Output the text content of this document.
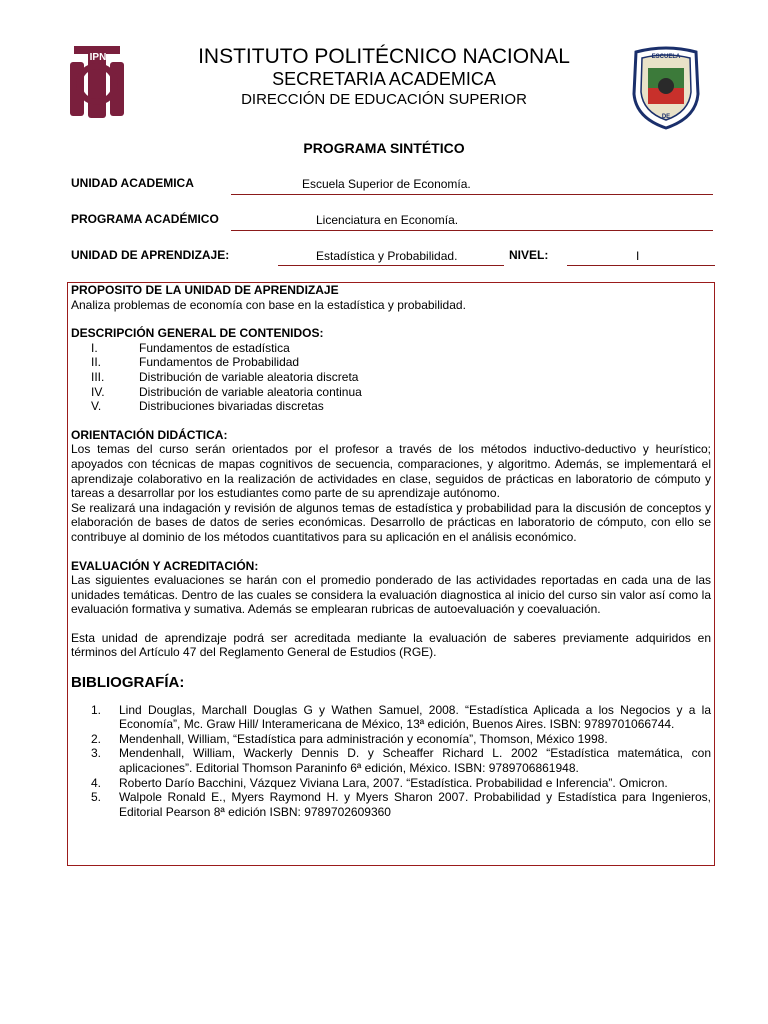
IPN	ESCUELA
DE
INSTITUTO POLITÉCNICO NACIONAL
SECRETARIA ACADEMICA
DIRECCIÓN DE EDUCACIÓN SUPERIOR
PROGRAMA SINTÉTICO
UNIDAD ACADEMICA	Escuela Superior de Economía.
PROGRAMA ACADÉMICO	Licenciatura en Economía.
UNIDAD DE APRENDIZAJE:	Estadística y Probabilidad.	NIVEL:	I
PROPOSITO DE LA UNIDAD DE APRENDIZAJE
Analiza problemas de economía con base en la estadística y probabilidad.
DESCRIPCIÓN GENERAL DE CONTENIDOS:
I.	Fundamentos de estadística
II.	Fundamentos de Probabilidad
III.	Distribución de variable aleatoria discreta
IV.	Distribución de variable aleatoria continua
V.	Distribuciones bivariadas discretas
ORIENTACIÓN DIDÁCTICA:

Los temas del curso serán orientados por el profesor a través de los métodos inductivo-deductivo y heurístico; apoyados con técnicas de mapas cognitivos de secuencia, comparaciones, y algoritmo. Además, se implementará el aprendizaje colaborativo en la realización de actividades en clase, seguidos de prácticas en laboratorio de cómputo y tareas a desarrollar por los estudiantes como parte de su aprendizaje autónomo.

Se realizará una indagación y revisión de algunos temas de estadística y probabilidad para la discusión de conceptos y elaboración de bases de datos de series económicas. Desarrollo de prácticas en laboratorio de cómputo, con ello se contribuye al dominio de los métodos cuantitativos para su aplicación en el análisis económico.

EVALUACIÓN Y ACREDITACIÓN:

Las siguientes evaluaciones se harán con el promedio ponderado de las actividades reportadas en cada una de las unidades temáticas. Dentro de las cuales se considera la evaluación diagnostica al inicio del curso sin valor así como la evaluación formativa y sumativa. Además se emplearan rubricas de autoevaluación y coevaluación.

Esta unidad de aprendizaje podrá ser acreditada mediante la evaluación de saberes previamente adquiridos en términos del Artículo 47 del Reglamento General de Estudios (RGE).

BIBLIOGRAFÍA:
1.	Lind Douglas, Marchall Douglas G y Wathen Samuel, 2008. “Estadística Aplicada a los Negocios y a la Economía”, Mc. Graw Hill/ Interamericana de México, 13ª edición, Buenos Aires. ISBN: 9789701066744.
2.	Mendenhall, William, “Estadística para administración y economía”, Thomson, México 1998.
3.	Mendenhall, William, Wackerly Dennis D. y Scheaffer Richard L. 2002 “Estadística matemática, con aplicaciones”. Editorial Thomson Paraninfo 6ª edición, México. ISBN: 9789706861948.
4.	Roberto Darío Bacchini, Vázquez Viviana Lara, 2007. “Estadística. Probabilidad e Inferencia”. Omicron.
5.	Walpole Ronald E., Myers Raymond H. y Myers Sharon 2007. Probabilidad y Estadística para Ingenieros, Editorial Pearson 8ª edición ISBN: 9789702609360
